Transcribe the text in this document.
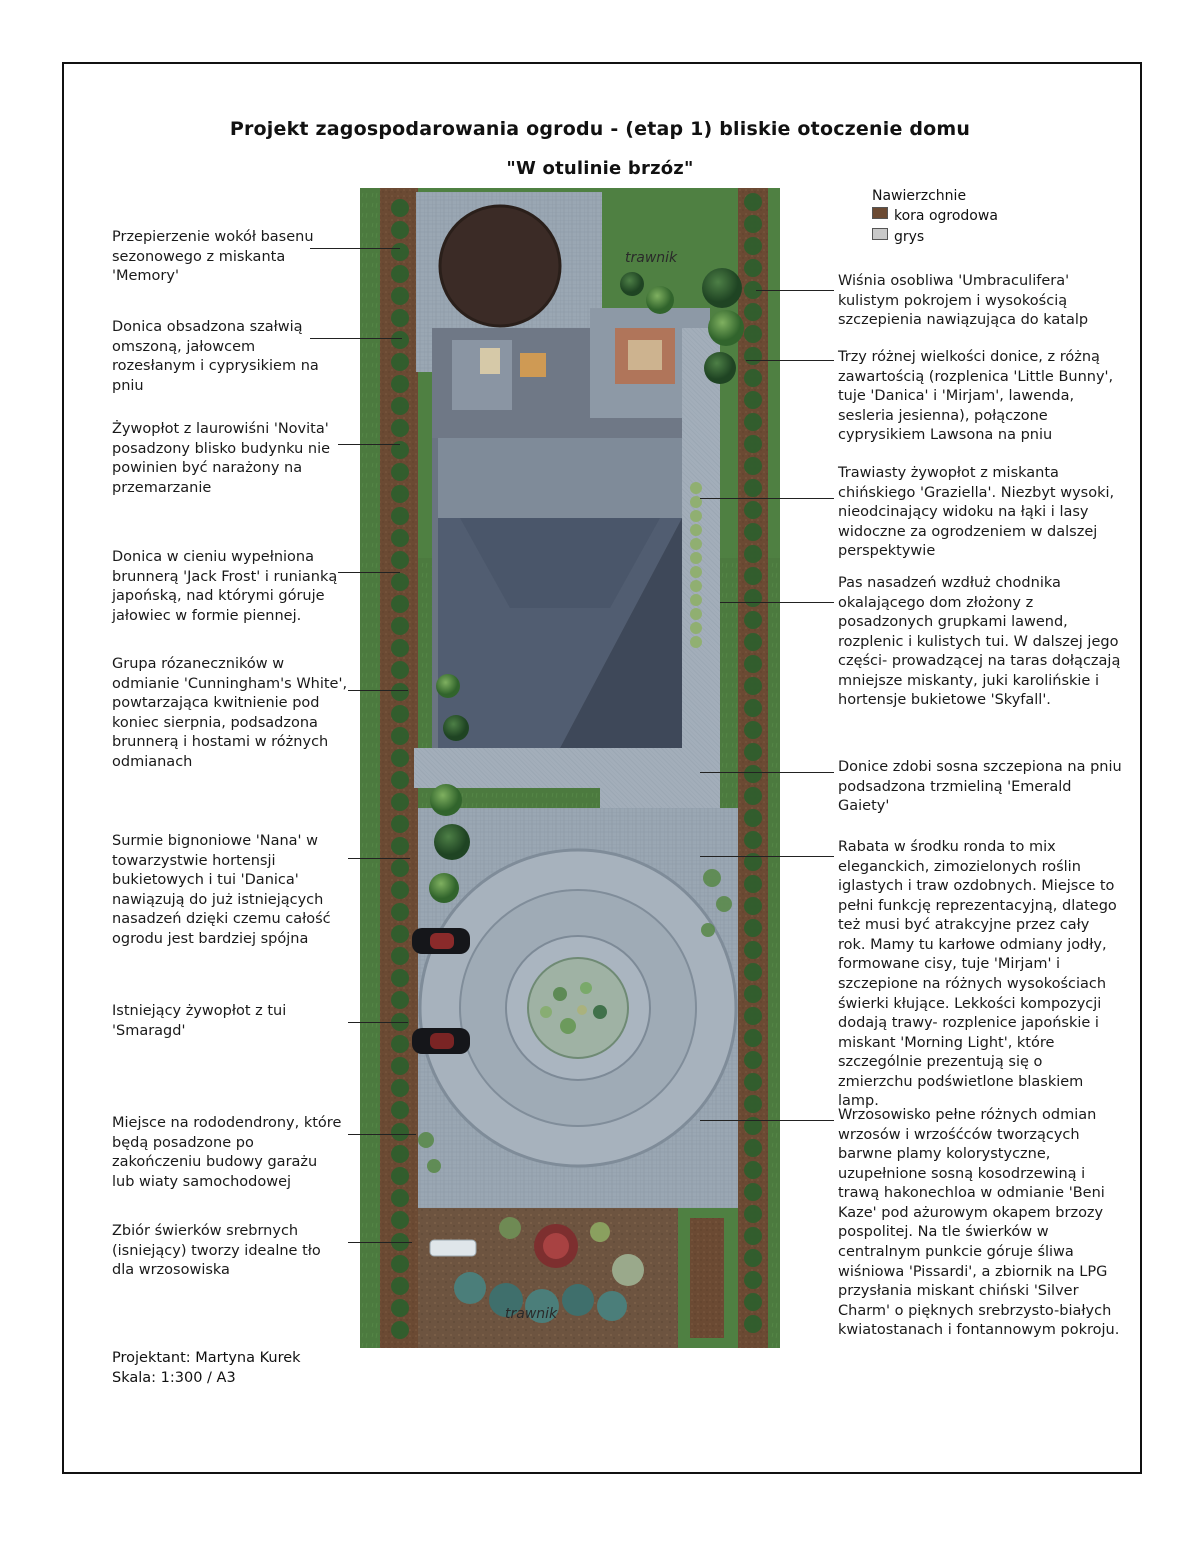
Projekt zagospodarowania ogrodu - (etap 1) bliskie otoczenie domu
"W otulinie brzóz"
Nawierzchnie
kora ogrodowa
grys
trawnik
trawnik
Przepierzenie wokół basenu sezonowego z miskanta 'Memory'
Donica obsadzona szałwią omszoną, jałowcem rozesłanym i cyprysikiem na pniu
Żywopłot z laurowiśni 'Novita' posadzony blisko budynku nie powinien być narażony na przemarzanie
Donica w cieniu wypełniona brunnerą 'Jack Frost' i runianką japońską, nad którymi góruje jałowiec w formie piennej.
Grupa rózaneczników w odmianie 'Cunningham's White', powtarzająca kwitnienie pod koniec sierpnia, podsadzona brunnerą i hostami w różnych odmianach
Surmie bignoniowe 'Nana' w towarzystwie hortensji bukietowych i tui 'Danica' nawiązują do już istniejących nasadzeń dzięki czemu całość ogrodu jest bardziej spójna
Istniejący żywopłot z tui 'Smaragd'
Miejsce na rododendrony, które będą posadzone po zakończeniu budowy garażu lub wiaty samochodowej
Zbiór świerków srebrnych (isniejący) tworzy idealne tło dla wrzosowiska
Wiśnia osobliwa 'Umbraculifera' kulistym pokrojem i wysokością szczepienia nawiązująca do katalp
Trzy różnej wielkości donice, z różną zawartością (rozplenica 'Little Bunny', tuje 'Danica' i 'Mirjam', lawenda, sesleria jesienna), połączone cyprysikiem Lawsona na pniu
Trawiasty żywopłot z miskanta chińskiego 'Graziella'. Niezbyt wysoki, nieodcinający widoku na łąki i lasy widoczne za ogrodzeniem w dalszej perspektywie
Pas nasadzeń wzdłuż chodnika okalającego dom złożony z posadzonych grupkami lawend, rozplenic i kulistych tui. W dalszej jego części- prowadzącej na taras dołączają mniejsze miskanty, juki karolińskie i hortensje bukietowe 'Skyfall'.
Donice zdobi sosna szczepiona na pniu podsadzona trzmieliną 'Emerald Gaiety'
Rabata w środku ronda to mix eleganckich, zimozielonych roślin iglastych i traw ozdobnych. Miejsce to pełni funkcję reprezentacyjną, dlatego też musi być atrakcyjne przez cały rok. Mamy tu karłowe odmiany jodły, formowane cisy, tuje 'Mirjam' i szczepione na różnych wysokościach świerki kłujące. Lekkości kompozycji dodają trawy- rozplenice japońskie i miskant 'Morning Light', które szczególnie prezentują się o zmierzchu podświetlone blaskiem lamp.
Wrzosowisko pełne różnych odmian wrzosów i wrzośćców tworzących barwne plamy kolorystyczne, uzupełnione sosną kosodrzewiną i trawą hakonechloa w odmianie 'Beni Kaze' pod ażurowym okapem brzozy pospolitej. Na tle świerków w centralnym punkcie góruje śliwa wiśniowa 'Pissardi', a zbiornik na LPG przysłania miskant chiński 'Silver Charm' o pięknych srebrzysto-białych kwiatostanach i fontannowym pokroju.
Projektant: Martyna Kurek
Skala: 1:300 / A3
